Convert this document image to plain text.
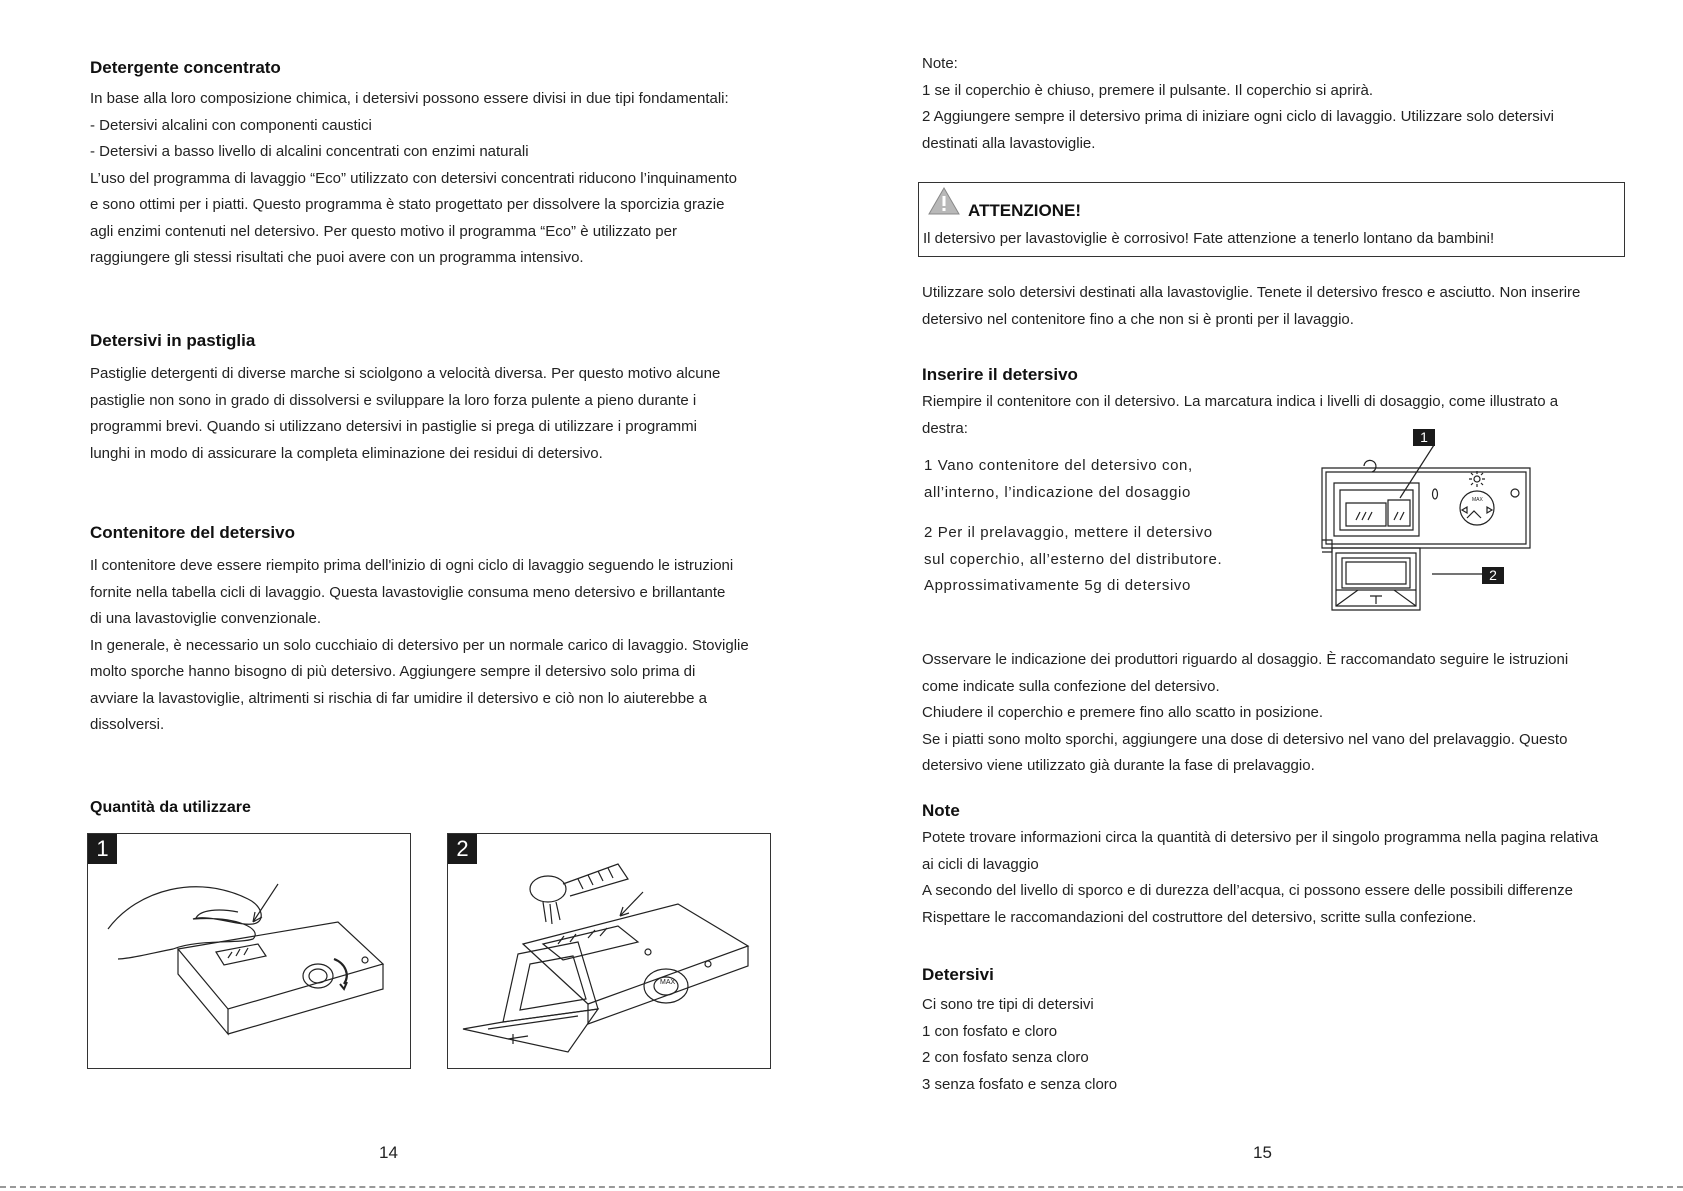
Detergente concentrato
In base alla loro composizione chimica, i detersivi possono essere divisi in due tipi fondamentali:
- Detersivi alcalini con componenti caustici
- Detersivi a basso livello di alcalini concentrati con enzimi naturali
L’uso del programma di lavaggio “Eco” utilizzato con detersivi concentrati riducono l’inquinamento
e sono ottimi per i piatti. Questo programma è stato progettato per dissolvere la sporcizia grazie
agli enzimi contenuti nel detersivo. Per questo motivo il programma “Eco” è utilizzato per
raggiungere gli stessi risultati che puoi avere con un programma intensivo.
Detersivi in pastiglia
Pastiglie detergenti di diverse marche si sciolgono a velocità diversa. Per questo motivo alcune
pastiglie non sono in grado di dissolversi e sviluppare la loro forza pulente a pieno durante i
programmi brevi. Quando si utilizzano detersivi in pastiglie si prega di utilizzare i programmi
lunghi in modo di assicurare la completa eliminazione dei residui di detersivo.
Contenitore del detersivo
Il contenitore deve essere riempito prima dell'inizio di ogni ciclo di lavaggio seguendo le istruzioni
fornite nella tabella cicli di lavaggio. Questa lavastoviglie consuma meno detersivo e brillantante
di una lavastoviglie convenzionale.
In generale, è necessario un solo cucchiaio di detersivo per un normale carico di lavaggio. Stoviglie
molto sporche hanno bisogno di più detersivo. Aggiungere sempre il detersivo solo prima di
avviare la lavastoviglie, altrimenti si rischia di far umidire il detersivo e ciò non lo aiuterebbe a
dissolversi.
Quantità da utilizzare
1	2
MAX
14
Note:
1 se il coperchio è chiuso, premere il pulsante. Il coperchio si aprirà.
2 Aggiungere sempre il detersivo prima di iniziare ogni ciclo di lavaggio. Utilizzare solo detersivi
destinati alla lavastoviglie.
ATTENZIONE!
Il detersivo per lavastoviglie è corrosivo! Fate attenzione a tenerlo lontano da bambini!
Utilizzare solo detersivi destinati alla lavastoviglie. Tenete il detersivo fresco e asciutto. Non inserire
detersivo nel contenitore fino a che non si è pronti per il lavaggio.
Inserire il detersivo
Riempire il contenitore con il detersivo. La marcatura indica i livelli di dosaggio, come illustrato a
destra:
1 Vano contenitore del detersivo con,
all’interno, l’indicazione del dosaggio
2 Per il prelavaggio, mettere il detersivo
sul coperchio, all’esterno del distributore.
Approssimativamente 5g di detersivo
1
2
MAX
Osservare le indicazione dei produttori riguardo al dosaggio. È raccomandato seguire le istruzioni
come indicate sulla confezione del detersivo.
Chiudere il coperchio e premere fino allo scatto in posizione.
Se i piatti sono molto sporchi, aggiungere una dose di detersivo nel vano del prelavaggio. Questo
detersivo viene utilizzato già durante la fase di prelavaggio.
Note
Potete trovare informazioni circa la quantità di detersivo per il singolo programma nella pagina relativa
ai cicli di lavaggio
A secondo del livello di sporco e di durezza dell’acqua, ci possono essere delle possibili differenze
Rispettare le raccomandazioni del costruttore del detersivo, scritte sulla confezione.
Detersivi
Ci sono tre tipi di detersivi
1 con fosfato e cloro
2 con fosfato senza cloro
3 senza fosfato e senza cloro
15
